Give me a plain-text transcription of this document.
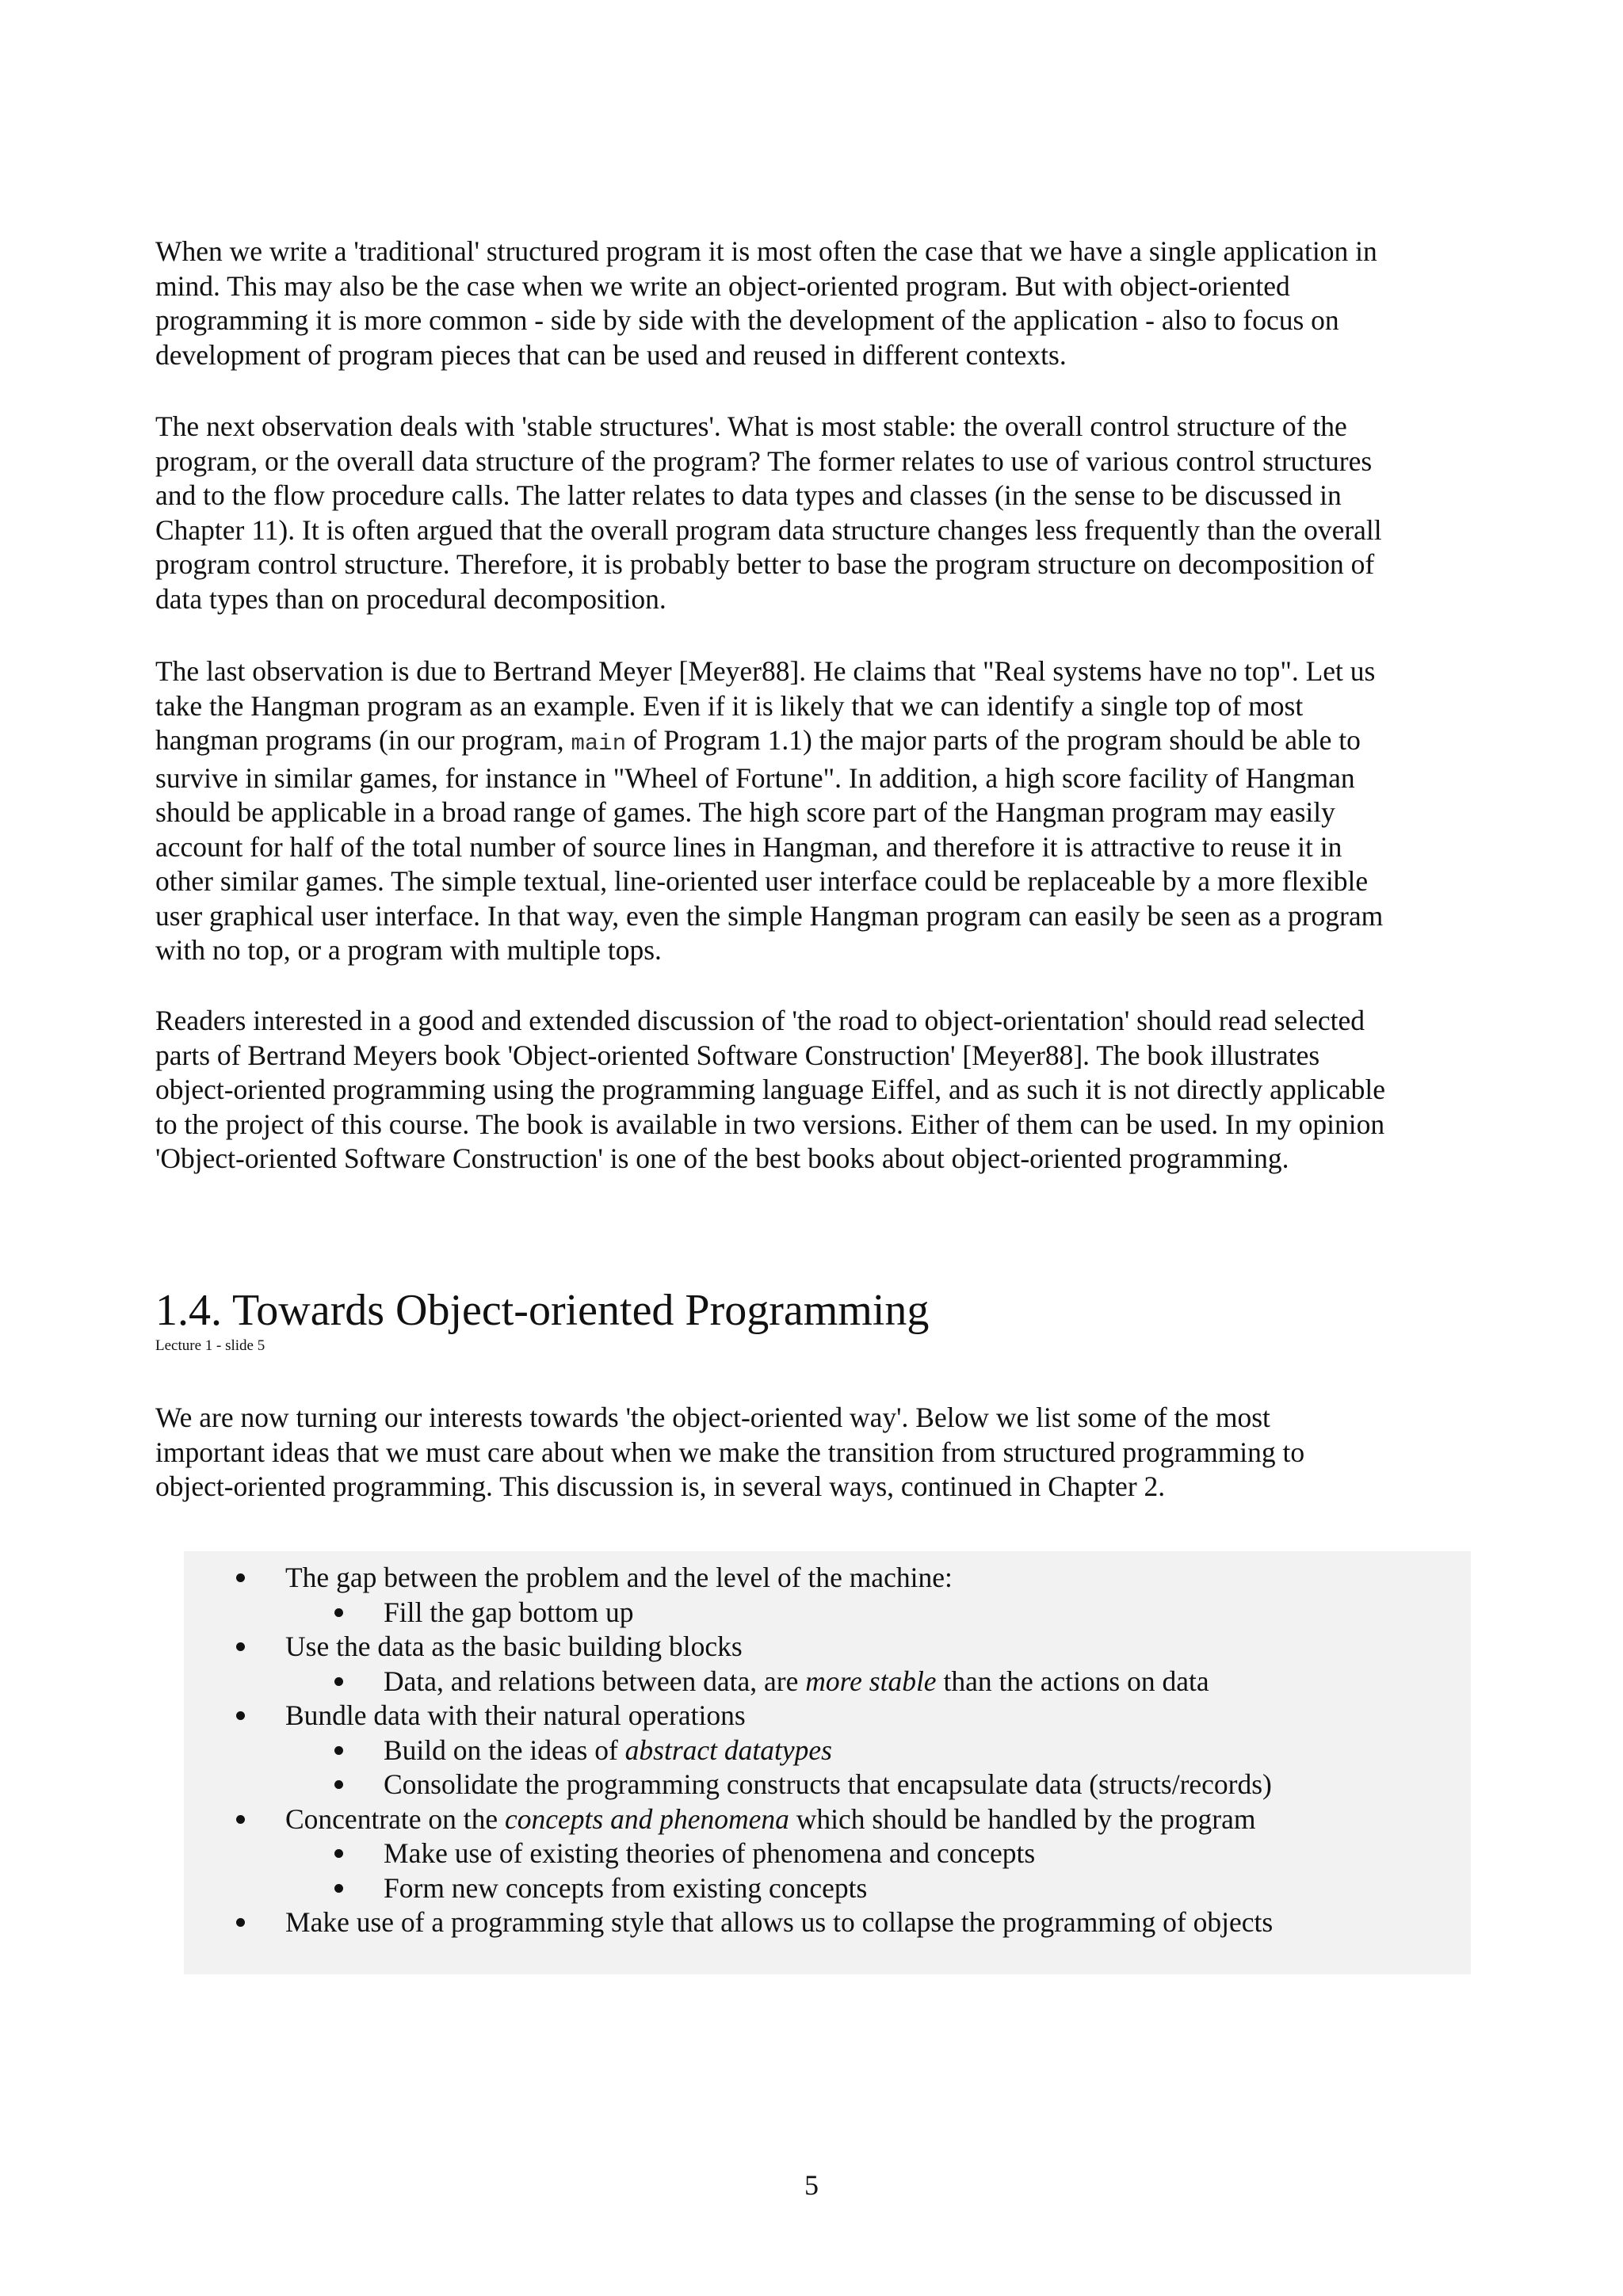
When we write a 'traditional' structured program it is most often the case that we have a single application in
mind. This may also be the case when we write an object-oriented program. But with object-oriented
programming it is more common - side by side with the development of the application - also to focus on
development of program pieces that can be used and reused in different contexts.

The next observation deals with 'stable structures'. What is most stable: the overall control structure of the
program, or the overall data structure of the program? The former relates to use of various control structures
and to the flow procedure calls. The latter relates to data types and classes (in the sense to be discussed in
Chapter 11). It is often argued that the overall program data structure changes less frequently than the overall
program control structure. Therefore, it is probably better to base the program structure on decomposition of
data types than on procedural decomposition.

The last observation is due to Bertrand Meyer [Meyer88]. He claims that "Real systems have no top". Let us
take the Hangman program as an example. Even if it is likely that we can identify a single top of most
hangman programs (in our program, main of Program 1.1) the major parts of the program should be able to
survive in similar games, for instance in "Wheel of Fortune". In addition, a high score facility of Hangman
should be applicable in a broad range of games. The high score part of the Hangman program may easily
account for half of the total number of source lines in Hangman, and therefore it is attractive to reuse it in
other similar games. The simple textual, line-oriented user interface could be replaceable by a more flexible
user graphical user interface. In that way, even the simple Hangman program can easily be seen as a program
with no top, or a program with multiple tops.

Readers interested in a good and extended discussion of 'the road to object-orientation' should read selected
parts of Bertrand Meyers book 'Object-oriented Software Construction' [Meyer88]. The book illustrates
object-oriented programming using the programming language Eiffel, and as such it is not directly applicable
to the project of this course. The book is available in two versions. Either of them can be used. In my opinion
'Object-oriented Software Construction' is one of the best books about object-oriented programming.

1.4. Towards Object-oriented Programming
Lecture 1 - slide 5

We are now turning our interests towards 'the object-oriented way'. Below we list some of the most
important ideas that we must care about when we make the transition from structured programming to
object-oriented programming. This discussion is, in several ways, continued in Chapter 2.

The gap between the problem and the level of the machine:
Fill the gap bottom up
Use the data as the basic building blocks
Data, and relations between data, are more stable than the actions on data
Bundle data with their natural operations
Build on the ideas of abstract datatypes
Consolidate the programming constructs that encapsulate data (structs/records)
Concentrate on the concepts and phenomena which should be handled by the program
Make use of existing theories of phenomena and concepts
Form new concepts from existing concepts
Make use of a programming style that allows us to collapse the programming of objects
5
